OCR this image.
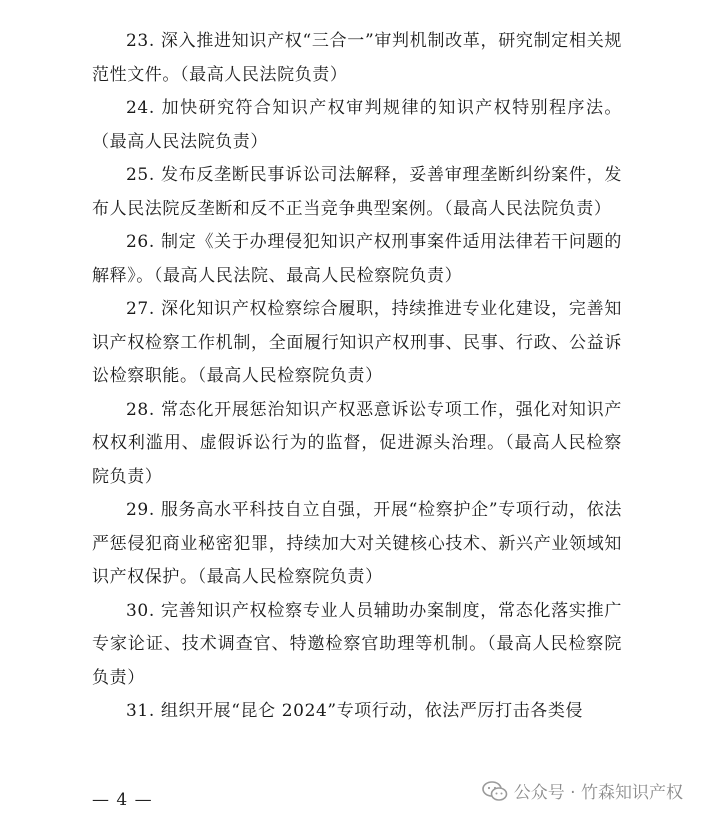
23. 深入推进知识产权“三合一”审判机制改革，研究制定相关规范性文件。（最高人民法院负责）

24. 加快研究符合知识产权审判规律的知识产权特别程序法。（最高人民法院负责）

25. 发布反垄断民事诉讼司法解释，妥善审理垄断纠纷案件，发布人民法院反垄断和反不正当竞争典型案例。（最高人民法院负责）

26. 制定《关于办理侵犯知识产权刑事案件适用法律若干问题的解释》。（最高人民法院、最高人民检察院负责）

27. 深化知识产权检察综合履职，持续推进专业化建设，完善知识产权检察工作机制，全面履行知识产权刑事、民事、行政、公益诉讼检察职能。（最高人民检察院负责）

28. 常态化开展惩治知识产权恶意诉讼专项工作，强化对知识产权权利滥用、虚假诉讼行为的监督，促进源头治理。（最高人民检察院负责）

29. 服务高水平科技自立自强，开展“检察护企”专项行动，依法严惩侵犯商业秘密犯罪，持续加大对关键核心技术、新兴产业领域知识产权保护。（最高人民检察院负责）

30. 完善知识产权检察专业人员辅助办案制度，常态化落实推广专家论证、技术调查官、特邀检察官助理等机制。（最高人民检察院负责）

31. 组织开展“昆仑 2024”专项行动，依法严厉打击各类侵

— 4 —	公众号 · 竹森知识产权
